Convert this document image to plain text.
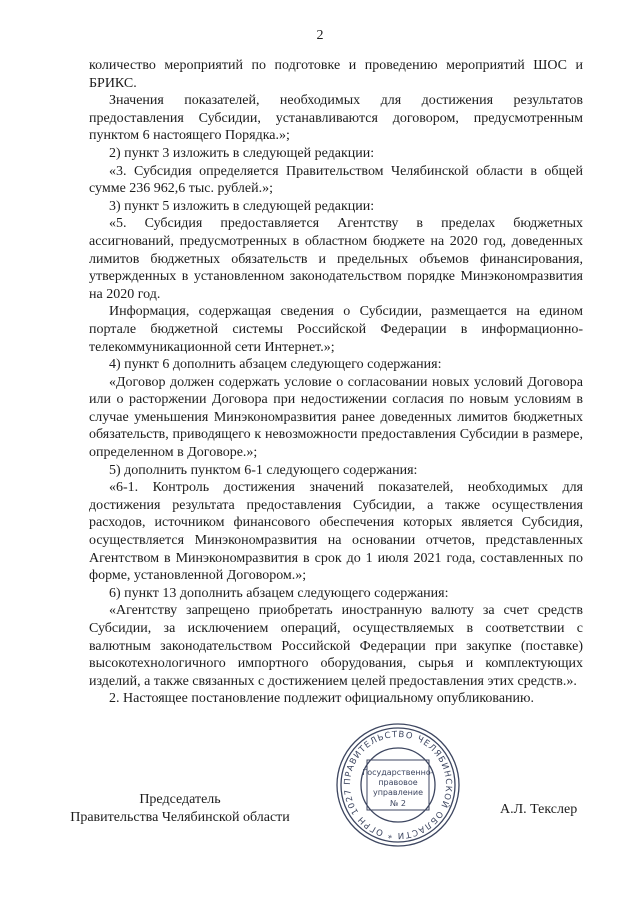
2

количество мероприятий по подготовке и проведению мероприятий ШОС и БРИКС.

Значения показателей, необходимых для достижения результатов предоставления Субсидии, устанавливаются договором, предусмотренным пунктом 6 настоящего Порядка.»;

2) пункт 3 изложить в следующей редакции:

«3. Субсидия определяется Правительством Челябинской области в общей сумме 236 962,6 тыс. рублей.»;

3) пункт 5 изложить в следующей редакции:

«5. Субсидия предоставляется Агентству в пределах бюджетных ассигнований, предусмотренных в областном бюджете на 2020 год, доведенных лимитов бюджетных обязательств и предельных объемов финансирования, утвержденных в установленном законодательством порядке Минэкономразвития на 2020 год.

Информация, содержащая сведения о Субсидии, размещается на едином портале бюджетной системы Российской Федерации в информационно-телекоммуникационной сети Интернет.»;

4) пункт 6 дополнить абзацем следующего содержания:

«Договор должен содержать условие о согласовании новых условий Договора или о расторжении Договора при недостижении согласия по новым условиям в случае уменьшения Минэкономразвития ранее доведенных лимитов бюджетных обязательств, приводящего к невозможности предоставления Субсидии в размере, определенном в Договоре.»;

5) дополнить пунктом 6-1 следующего содержания:

«6-1. Контроль достижения значений показателей, необходимых для достижения результата предоставления Субсидии, а также осуществления расходов, источником финансового обеспечения которых является Субсидия, осуществляется Минэкономразвития на основании отчетов, представленных Агентством в Минэкономразвития в срок до 1 июля 2021 года, составленных по форме, установленной Договором.»;

6) пункт 13 дополнить абзацем следующего содержания:

«Агентству запрещено приобретать иностранную валюту за счет средств Субсидии, за исключением операций, осуществляемых в соответствии с валютным законодательством Российской Федерации при закупке (поставке) высокотехнологичного импортного оборудования, сырья и комплектующих изделий, а также связанных с достижением целей предоставления этих средств.».

2. Настоящее постановление подлежит официальному опубликованию.

Председатель
Правительства Челябинской области
ПРАВИТЕЛЬСТВО ЧЕЛЯБИНСКОЙ ОБЛАСТИ * ОГРН 1027
Государственно-
правовое
управление
№ 2	А.Л. Текслер
